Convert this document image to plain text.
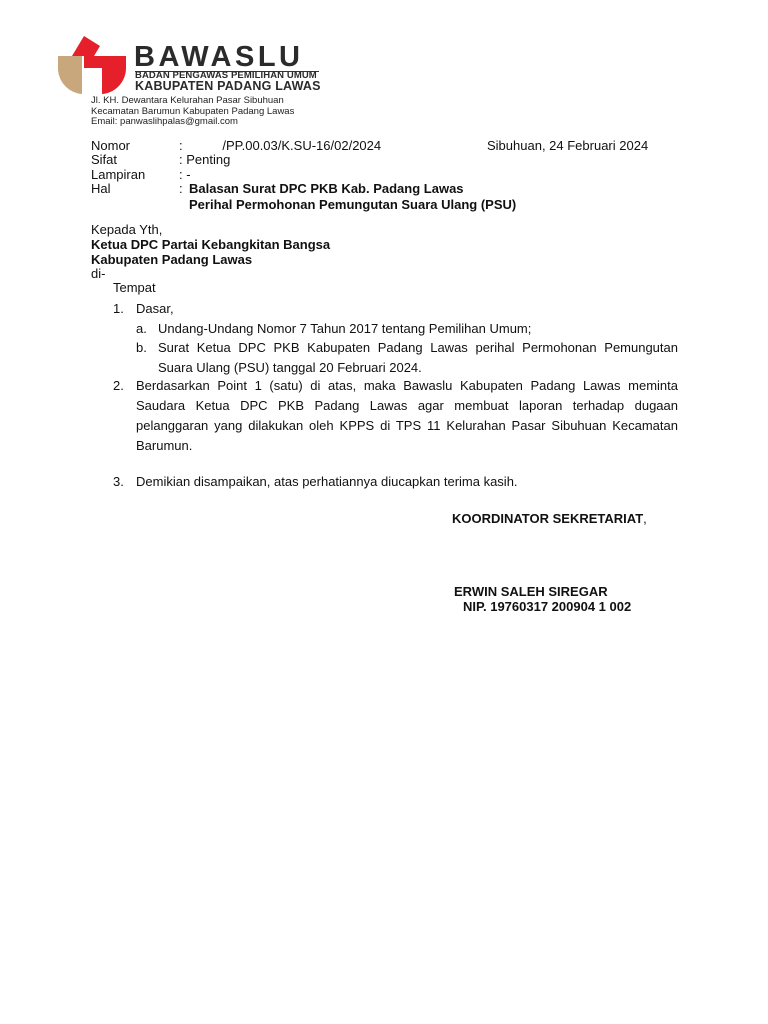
BAWASLU
BADAN PENGAWAS PEMILIHAN UMUM
KABUPATEN PADANG LAWAS
Jl. KH. Dewantara Kelurahan Pasar Sibuhuan
Kecamatan Barumun Kabupaten Padang Lawas
Email: panwaslihpalas@gmail.com
Nomor	:           /PP.00.03/K.SU-16/02/2024
Sifat	: Penting
Lampiran	: -
Hal	: Balasan Surat DPC PKB Kab. Padang Lawas
Perihal Permohonan Pemungutan Suara Ulang (PSU)
Sibuhuan, 24 Februari 2024
Kepada Yth,
Ketua DPC Partai Kebangkitan Bangsa
Kabupaten Padang Lawas
di-
Tempat
1. Dasar,
a. Undang-Undang Nomor 7 Tahun 2017 tentang Pemilihan Umum;
b. Surat Ketua DPC PKB Kabupaten Padang Lawas perihal Permohonan Pemungutan Suara Ulang (PSU) tanggal 20 Februari 2024.
2. Berdasarkan Point 1 (satu) di atas, maka Bawaslu Kabupaten Padang Lawas meminta Saudara Ketua DPC PKB Padang Lawas agar membuat laporan terhadap dugaan pelanggaran yang dilakukan oleh KPPS di TPS 11 Kelurahan Pasar Sibuhuan Kecamatan Barumun.
3. Demikian disampaikan, atas perhatiannya diucapkan terima kasih.
KOORDINATOR SEKRETARIAT,
ERWIN SALEH SIREGAR
NIP. 19760317 200904 1 002
